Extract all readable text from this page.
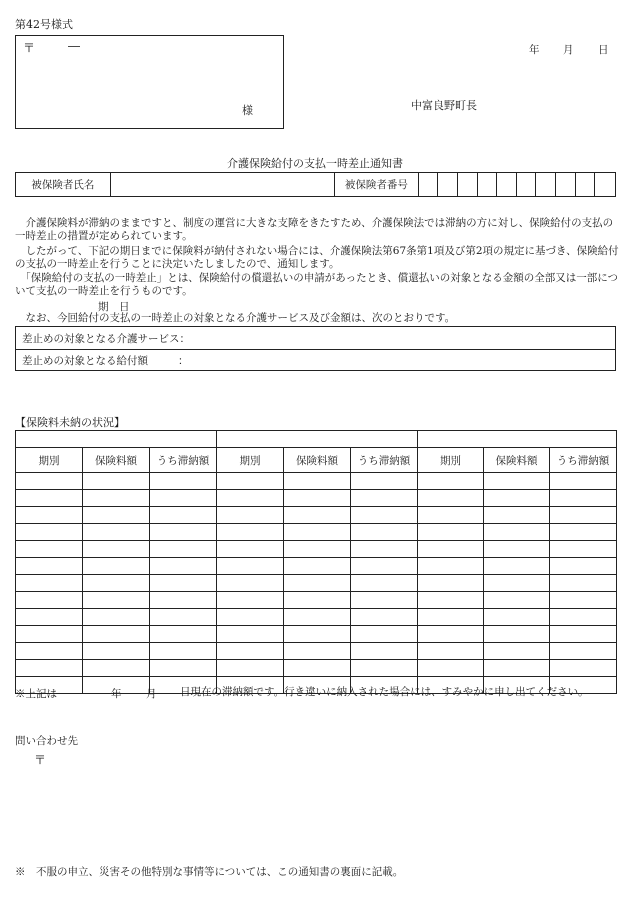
第42号様式
〒	―
様
年 月 日
中富良野町長
介護保険給付の支払一時差止通知書
被保険者氏名	被保険者番号
　介護保険料が滞納のままですと、制度の運営に大きな支障をきたすため、介護保険法では滞納の方に対し、保険給付の支払の一時差止の措置が定められています。
　したがって、下記の期日までに保険料が納付されない場合には、介護保険法第67条第1項及び第2項の規定に基づき、保険給付の支払の一時差止を行うことに決定いたしましたので、通知します。
　「保険給付の支払の一時差止」とは、保険給付の償還払いの申請があったとき、償還払いの対象となる金額の全部又は一部について支払の一時差止を行うものです。
期　日
　なお、今回給付の支払の一時差止の対象となる介護サービス及び金額は、次のとおりです。
差止めの対象となる介護サービス：
差止めの対象となる給付額	：
【保険料未納の状況】

期別	保険料額	うち滞納額	期別	保険料額	うち滞納額	期別	保険料額	うち滞納額

※上記は	年 月 日現在の滞納額です。行き違いに納入された場合には、すみやかに申し出てください。
問い合わせ先
〒
※　不服の申立、災害その他特別な事情等については、この通知書の裏面に記載。
